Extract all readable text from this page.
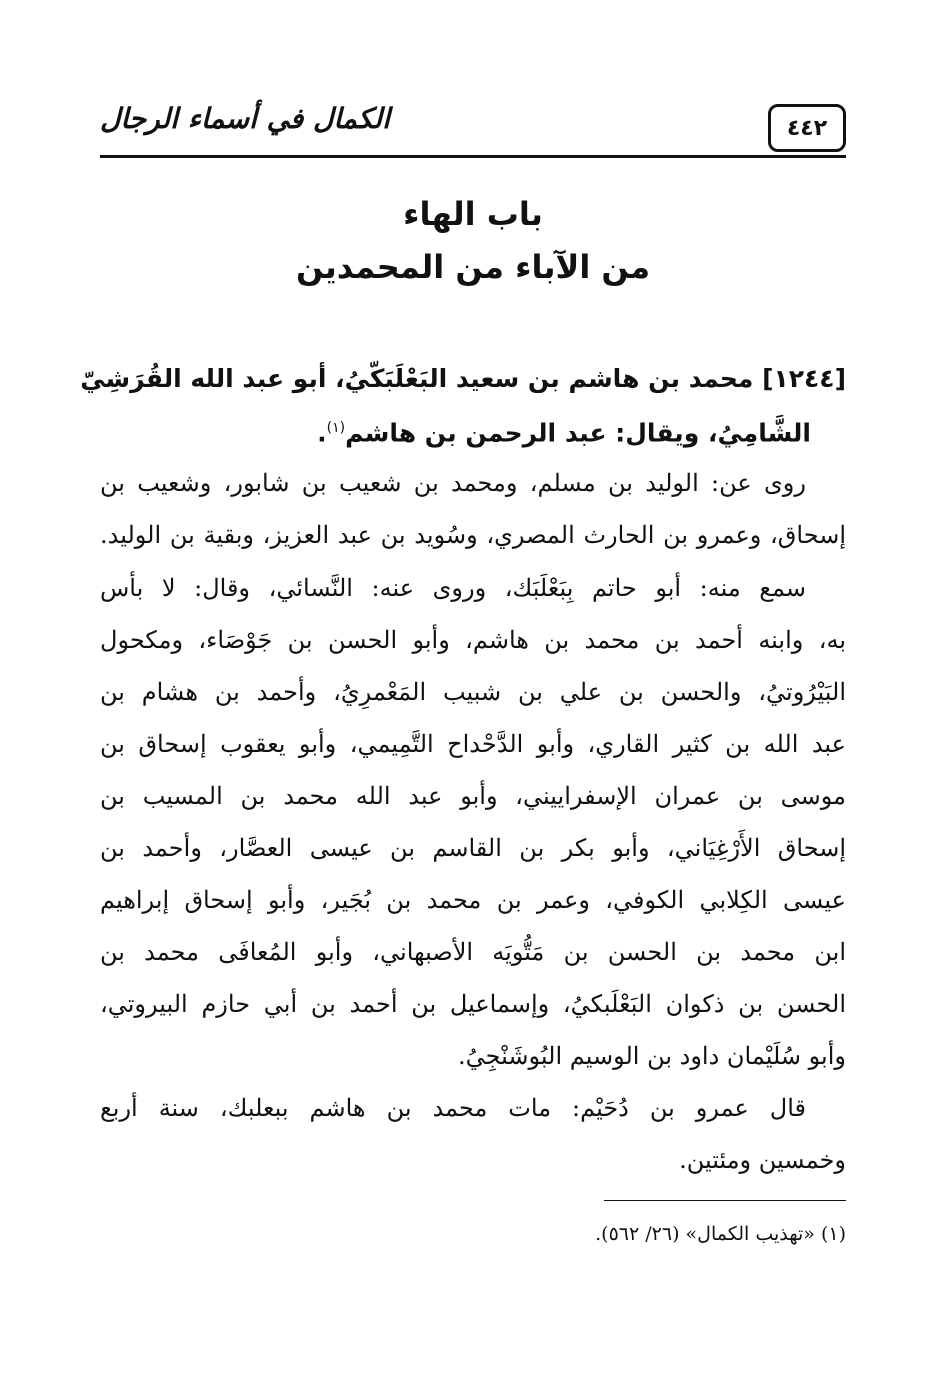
٤٤٢
الكمال في أسماء الرجال
باب الهاء
من الآباء من المحمدين
[١٢٤٤] محمد بن هاشم بن سعيد البَعْلَبَكّيُ، أبو عبد الله القُرَشِيّ
الشَّامِيُ، ويقال: عبد الرحمن بن هاشم$^{(١)}$.
روى عن: الوليد بن مسلم، ومحمد بن شعيب بن شابور، وشعيب بن
إسحاق، وعمرو بن الحارث المصري، وسُويد بن عبد العزيز، وبقية بن الوليد.
سمع منه: أبو حاتم بِبَعْلَبَك، وروى عنه: النَّسائي، وقال: لا بأس
به، وابنه أحمد بن محمد بن هاشم، وأبو الحسن بن جَوْصَاء، ومكحول
البَيْرُوتيُ، والحسن بن علي بن شبيب المَعْمرِيُ، وأحمد بن هشام بن
عبد الله بن كثير القاري، وأبو الدَّحْداح التَّمِيمي، وأبو يعقوب إسحاق بن
موسى بن عمران الإسفراييني، وأبو عبد الله محمد بن المسيب بن
إسحاق الأَرْغِيَاني، وأبو بكر بن القاسم بن عيسى العصَّار، وأحمد بن
عيسى الكِلابي الكوفي، وعمر بن محمد بن بُجَير، وأبو إسحاق إبراهيم
ابن محمد بن الحسن بن مَتُّويَه الأصبهاني، وأبو المُعافَى محمد بن
الحسن بن ذكوان البَعْلَبكيُ، وإسماعيل بن أحمد بن أبي حازم البيروتي،
وأبو سُلَيْمان داود بن الوسيم البُوشَنْجِيُ.
قال عمرو بن دُحَيْم: مات محمد بن هاشم ببعلبك، سنة أربع
وخمسين ومئتين.
(١) «تهذيب الكمال» (٢٦/ ٥٦٢).
